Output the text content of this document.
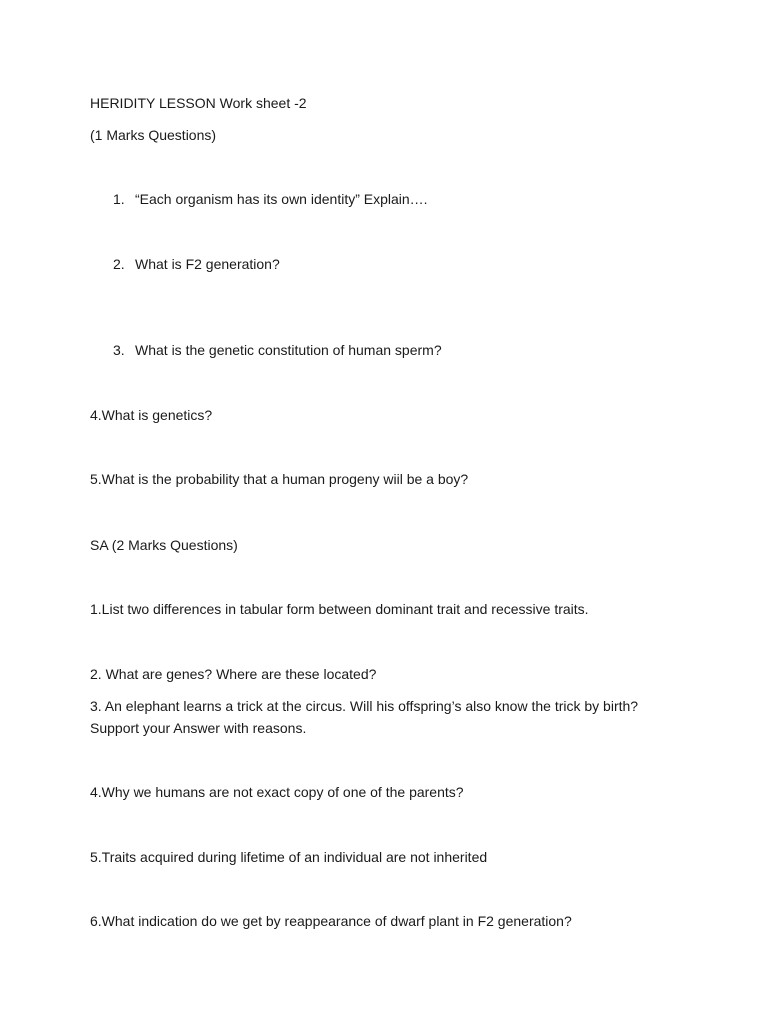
HERIDITY LESSON Work sheet -2
(1 Marks Questions)
1. “Each organism has its own identity” Explain….
2. What is F2 generation?
3. What is the genetic constitution of human sperm?
4.What is genetics?
5.What is the probability that a human progeny wiil be a boy?
SA (2 Marks Questions)
1.List two differences in tabular form between dominant trait and recessive traits.
2. What are genes? Where are these located?
3. An elephant learns a trick at the circus. Will his offspring’s also know the trick by birth? Support your Answer with reasons.
4.Why we humans are not exact copy of one of the parents?
5.Traits acquired during lifetime of an individual are not inherited
6.What indication do we get by reappearance of dwarf plant in F2 generation?
